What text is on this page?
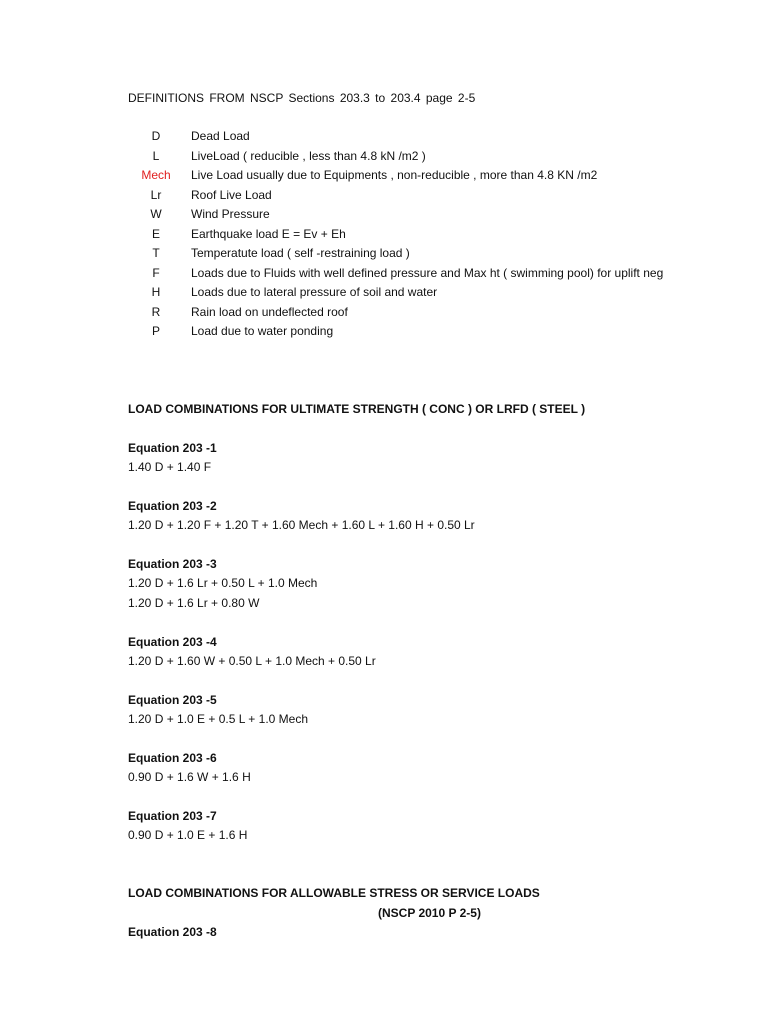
DEFINITIONS FROM NSCP Sections 203.3 to 203.4 page 2-5
D	Dead Load
L	LiveLoad ( reducible , less than 4.8 kN /m2 )
Mech	Live Load usually due to Equipments , non-reducible , more than 4.8 KN /m2
Lr	Roof Live Load
W	Wind Pressure
E	Earthquake load E = Ev + Eh
T	Temperatute load ( self -restraining load )
F	Loads due to Fluids with well defined pressure and Max ht ( swimming pool) for uplift neg
H	Loads due to lateral pressure of soil and water
R	Rain load on undeflected roof
P	Load due to water ponding
LOAD COMBINATIONS FOR ULTIMATE STRENGTH ( CONC ) OR LRFD ( STEEL )
Equation 203 -1
1.40 D + 1.40 F
Equation 203 -2
1.20 D + 1.20 F + 1.20 T + 1.60 Mech + 1.60 L + 1.60 H + 0.50 Lr
Equation 203 -3
1.20 D + 1.6 Lr + 0.50 L + 1.0 Mech
1.20 D + 1.6 Lr + 0.80 W
Equation 203 -4
1.20 D + 1.60 W + 0.50 L + 1.0 Mech + 0.50 Lr
Equation 203 -5
1.20 D + 1.0 E + 0.5 L + 1.0 Mech
Equation 203 -6
0.90 D + 1.6 W + 1.6 H
Equation 203 -7
0.90 D + 1.0 E + 1.6 H
LOAD COMBINATIONS FOR ALLOWABLE STRESS OR SERVICE LOADS
(NSCP 2010 P 2-5)
Equation 203 -8
